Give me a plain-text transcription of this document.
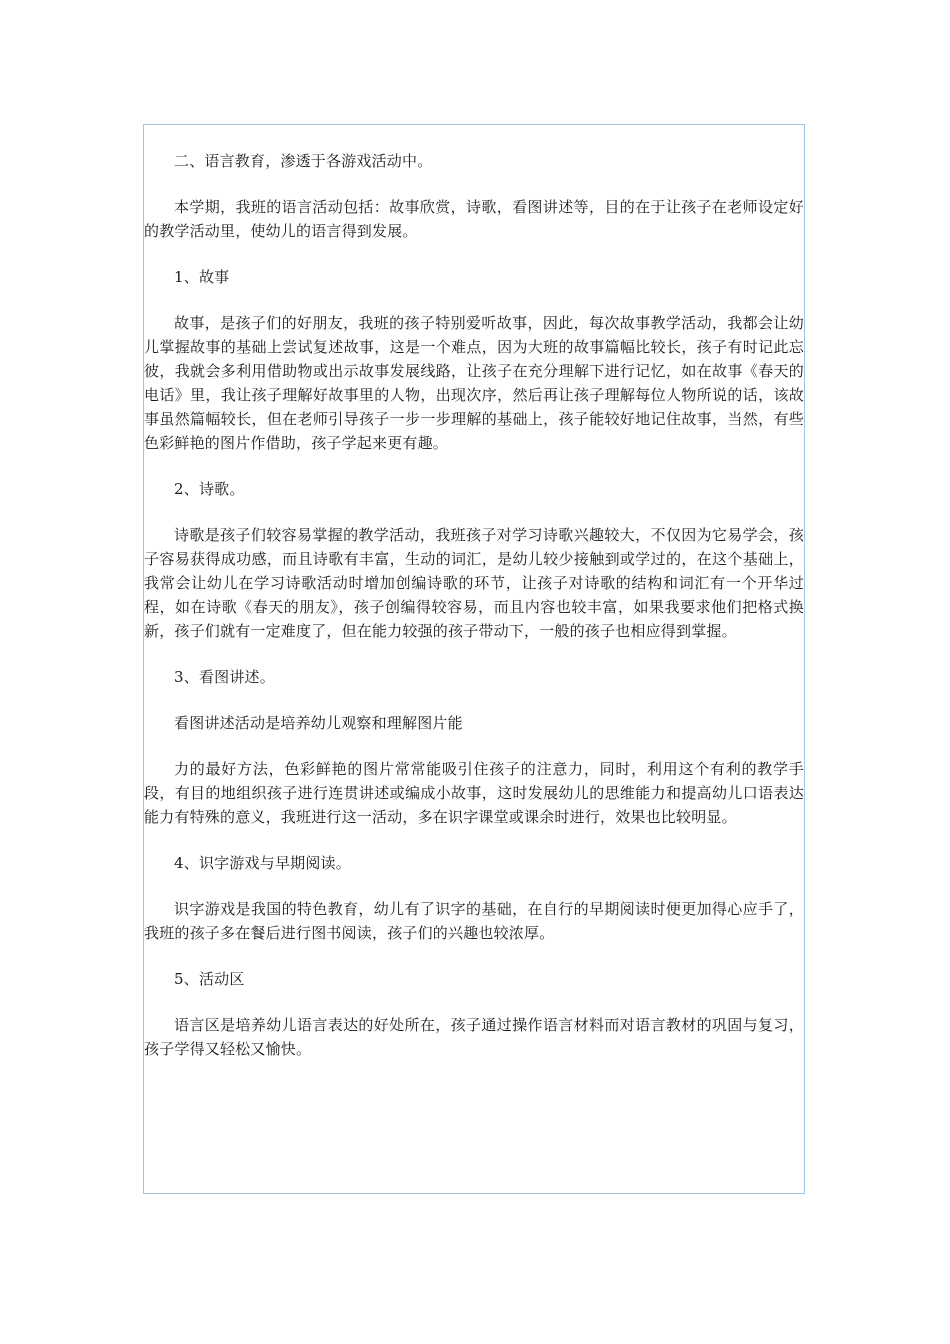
二、语言教育，渗透于各游戏活动中。

本学期，我班的语言活动包括：故事欣赏，诗歌，看图讲述等，目的在于让孩子在老师设定好的教学活动里，使幼儿的语言得到发展。

1、故事

故事，是孩子们的好朋友，我班的孩子特别爱听故事，因此，每次故事教学活动，我都会让幼儿掌握故事的基础上尝试复述故事，这是一个难点，因为大班的故事篇幅比较长，孩子有时记此忘彼，我就会多利用借助物或出示故事发展线路，让孩子在充分理解下进行记忆，如在故事《春天的电话》里，我让孩子理解好故事里的人物，出现次序，然后再让孩子理解每位人物所说的话，该故事虽然篇幅较长，但在老师引导孩子一步一步理解的基础上，孩子能较好地记住故事，当然，有些色彩鲜艳的图片作借助，孩子学起来更有趣。

2、诗歌。

诗歌是孩子们较容易掌握的教学活动，我班孩子对学习诗歌兴趣较大，不仅因为它易学会，孩子容易获得成功感，而且诗歌有丰富，生动的词汇，是幼儿较少接触到或学过的，在这个基础上，我常会让幼儿在学习诗歌活动时增加创编诗歌的环节，让孩子对诗歌的结构和词汇有一个开华过程，如在诗歌《春天的朋友》，孩子创编得较容易，而且内容也较丰富，如果我要求他们把格式换新，孩子们就有一定难度了，但在能力较强的孩子带动下，一般的孩子也相应得到掌握。

3、看图讲述。

看图讲述活动是培养幼儿观察和理解图片能

力的最好方法，色彩鲜艳的图片常常能吸引住孩子的注意力，同时，利用这个有利的教学手段，有目的地组织孩子进行连贯讲述或编成小故事，这时发展幼儿的思维能力和提高幼儿口语表达能力有特殊的意义，我班进行这一活动，多在识字课堂或课余时进行，效果也比较明显。

4、识字游戏与早期阅读。

识字游戏是我国的特色教育，幼儿有了识字的基础，在自行的早期阅读时便更加得心应手了，我班的孩子多在餐后进行图书阅读，孩子们的兴趣也较浓厚。

5、活动区

语言区是培养幼儿语言表达的好处所在，孩子通过操作语言材料而对语言教材的巩固与复习，孩子学得又轻松又愉快。
